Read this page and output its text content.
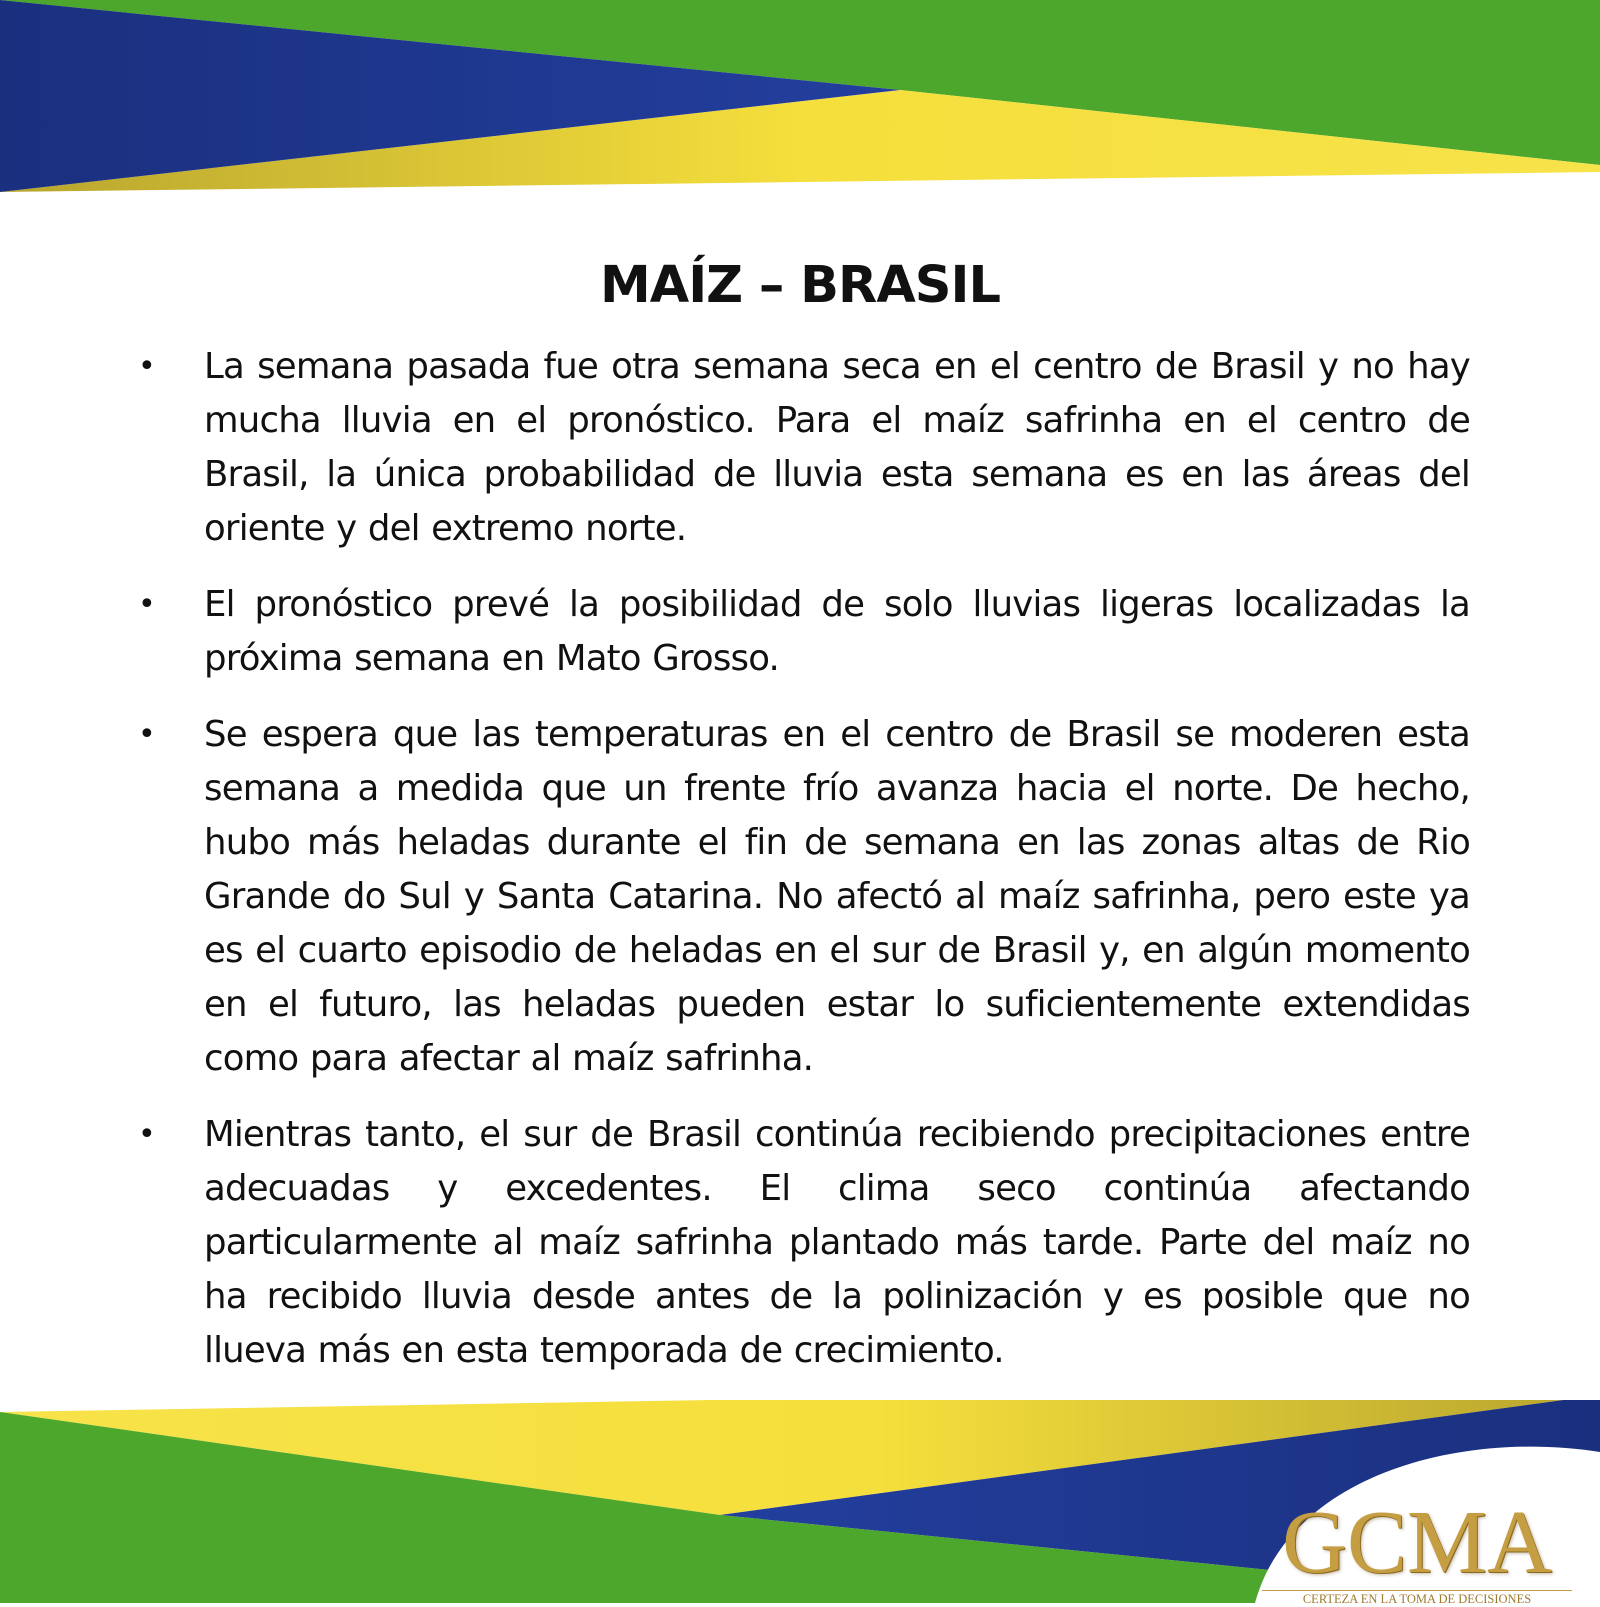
MAÍZ – BRASIL
• La semana pasada fue otra semana seca en el centro de Brasil y no hay mucha lluvia en el pronóstico. Para el maíz safrinha en el centro de Brasil, la única probabilidad de lluvia esta semana es en las áreas del oriente y del extremo norte.
• El pronóstico prevé la posibilidad de solo lluvias ligeras localizadas la próxima semana en Mato Grosso.
• Se espera que las temperaturas en el centro de Brasil se moderen esta semana a medida que un frente frío avanza hacia el norte. De hecho, hubo más heladas durante el fin de semana en las zonas altas de Rio Grande do Sul y Santa Catarina. No afectó al maíz safrinha, pero este ya es el cuarto episodio de heladas en el sur de Brasil y, en algún momento en el futuro, las heladas pueden estar lo suficientemente extendidas como para afectar al maíz safrinha.
• Mientras tanto, el sur de Brasil continúa recibiendo precipitaciones entre adecuadas y excedentes. El clima seco continúa afectando particularmente al maíz safrinha plantado más tarde. Parte del maíz no ha recibido lluvia desde antes de la polinización y es posible que no llueva más en esta temporada de crecimiento.
GCMA
CERTEZA EN LA TOMA DE DECISIONES
